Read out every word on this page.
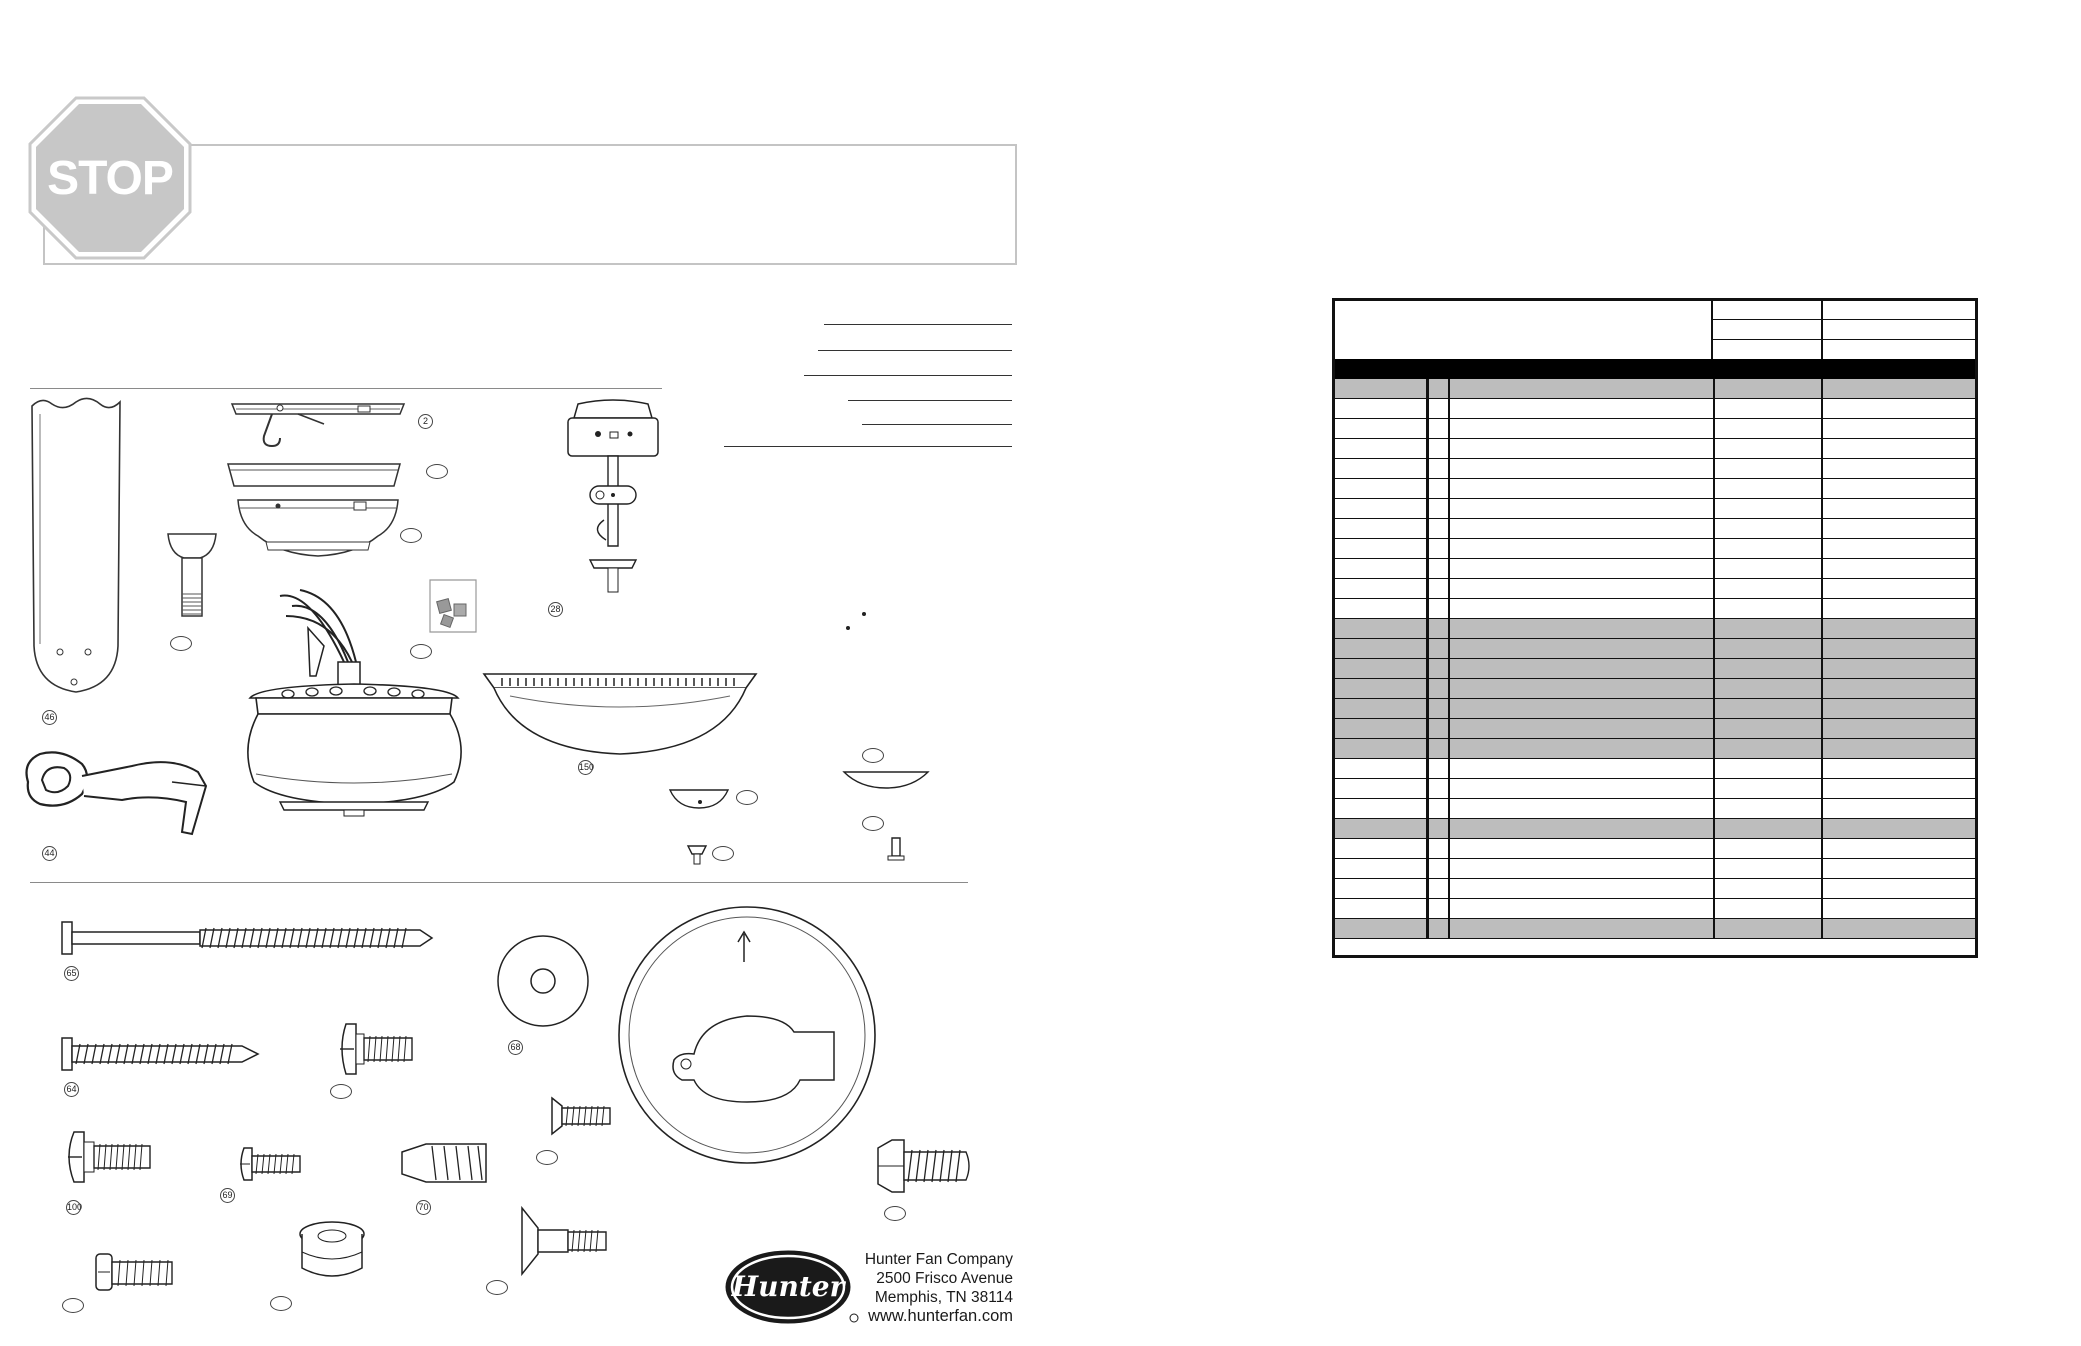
STOP
46
44
2
28
150
65
64
68
100
69
70
Hunter
Hunter Fan Company
2500 Frisco Avenue
Memphis, TN 38114
www.hunterfan.com
